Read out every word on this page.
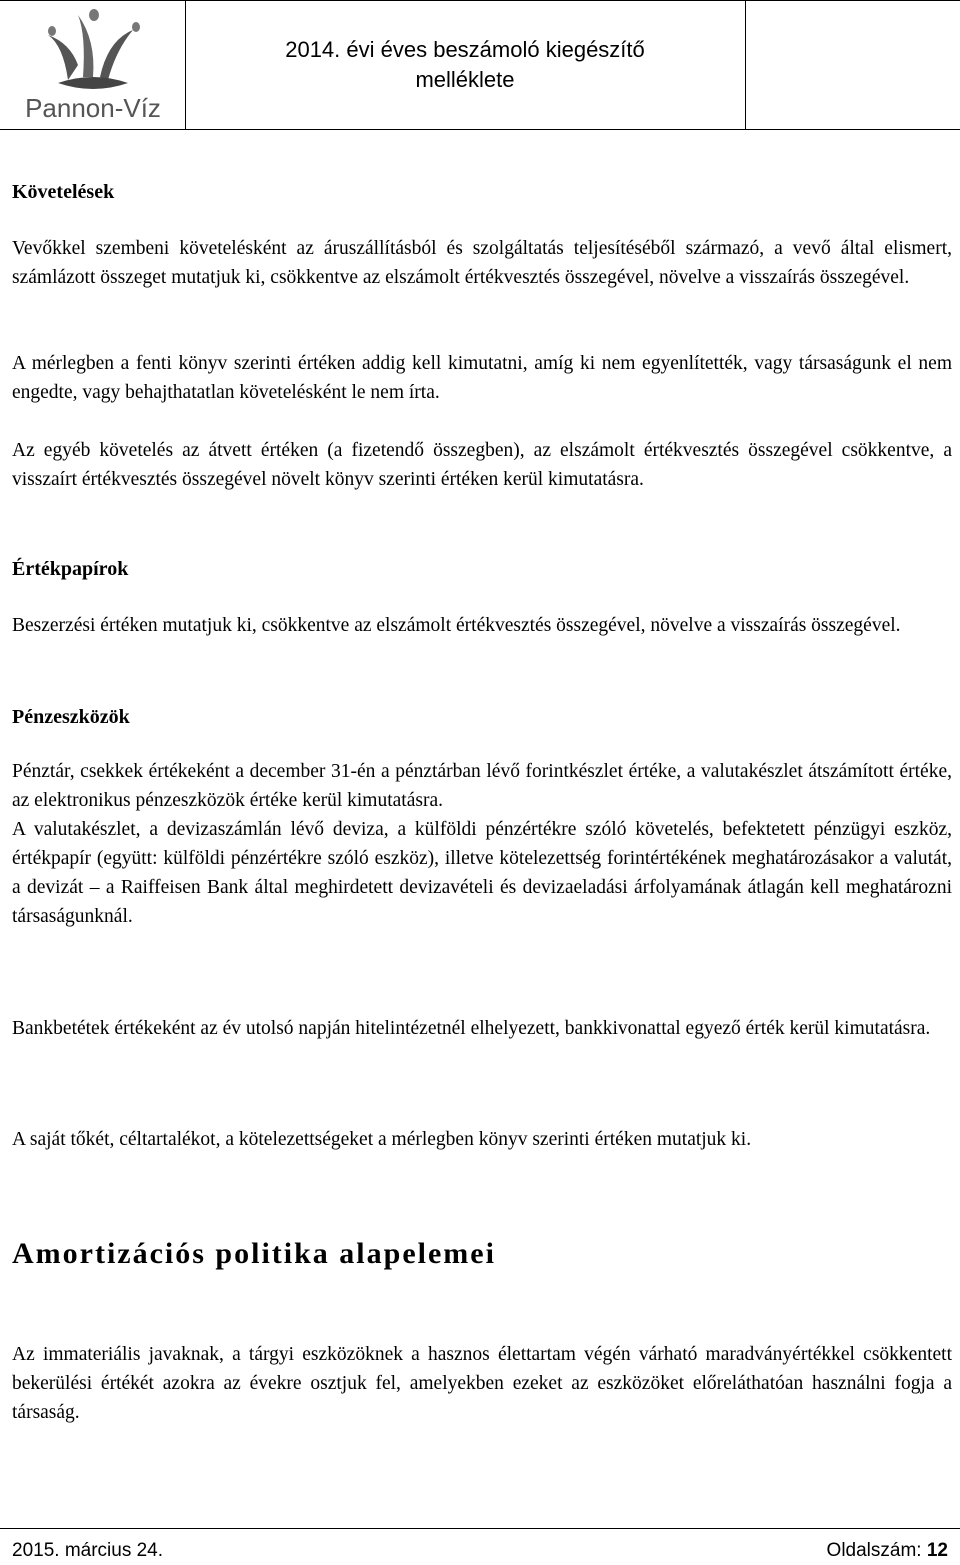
Pannon-Víz
2014. évi éves beszámoló kiegészítő
melléklete

Követelések

Vevőkkel szembeni követelésként az áruszállításból és szolgáltatás teljesítéséből származó, a vevő által elismert, számlázott összeget mutatjuk ki, csökkentve az elszámolt értékvesztés összegével, növelve a visszaírás összegével.

A mérlegben a fenti könyv szerinti értéken addig kell kimutatni, amíg ki nem egyenlítették, vagy társaságunk el nem engedte, vagy behajthatatlan követelésként le nem írta.

Az egyéb követelés az átvett értéken (a fizetendő összegben), az elszámolt értékvesztés összegével csökkentve, a visszaírt értékvesztés összegével növelt könyv szerinti értéken kerül kimutatásra.

Értékpapírok

Beszerzési értéken mutatjuk ki, csökkentve az elszámolt értékvesztés összegével, növelve a visszaírás összegével.

Pénzeszközök

Pénztár, csekkek értékeként a december 31-én a pénztárban lévő forintkészlet értéke, a valutakészlet átszámított értéke, az elektronikus pénzeszközök értéke kerül kimutatásra.

A valutakészlet, a devizaszámlán lévő deviza, a külföldi pénzértékre szóló követelés, befektetett pénzügyi eszköz, értékpapír (együtt: külföldi pénzértékre szóló eszköz), illetve kötelezettség forintértékének meghatározásakor a valutát, a devizát – a Raiffeisen Bank által meghirdetett devizavételi és devizaeladási árfolyamának átlagán kell meghatározni társaságunknál.

Bankbetétek értékeként az év utolsó napján hitelintézetnél elhelyezett, bankkivonattal egyező érték kerül kimutatásra.

A saját tőkét, céltartalékot, a kötelezettségeket a mérlegben könyv szerinti értéken mutatjuk ki.

Amortizációs politika alapelemei

Az immateriális javaknak, a tárgyi eszközöknek a hasznos élettartam végén várható maradványértékkel csökkentett bekerülési értékét azokra az évekre osztjuk fel, amelyekben ezeket az eszközöket előreláthatóan használni fogja a társaság.

2015. március 24.	Oldalszám: 12
